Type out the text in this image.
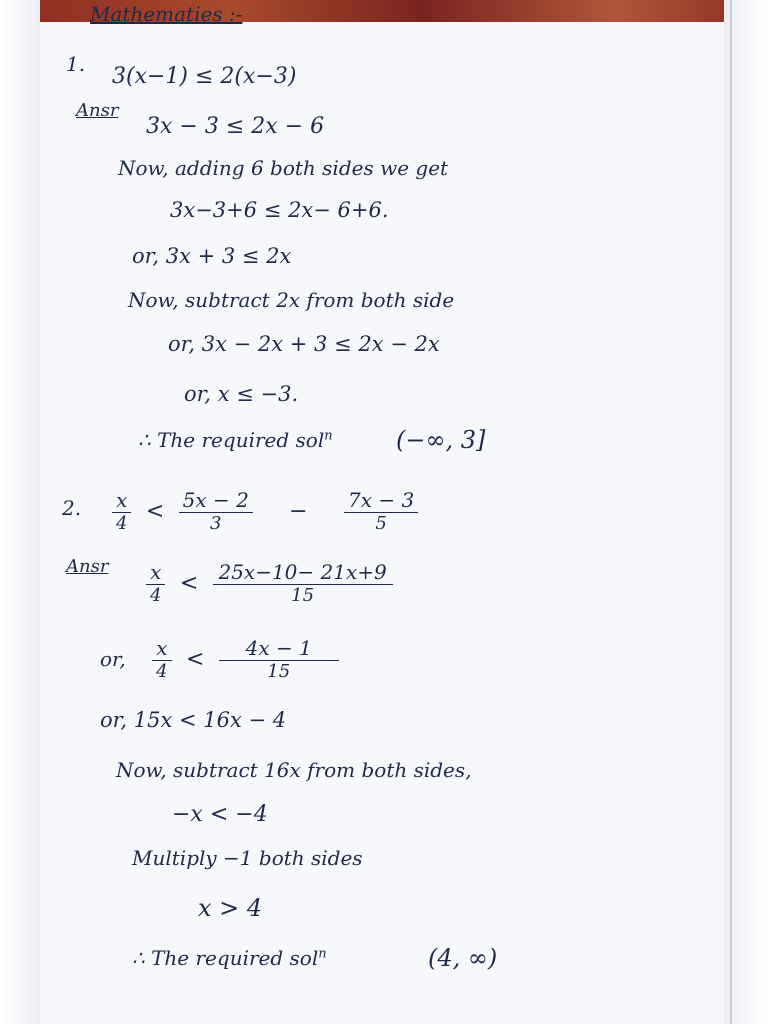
Mathematies :-
1. 3(x−1) ≤ 2(x−3)
Ansr
3x − 3 ≤ 2x − 6
Now, adding 6 both sides we get
3x−3+6 ≤ 2x− 6+6.
or, 3x + 3 ≤ 2x
Now, subtract 2x from both side
or, 3x − 2x + 3 ≤ 2x − 2x
or, x ≤ −3.
∴ The required sol$^n$	(−∞, 3]
2. $\frac{x}{4} < \frac{5x - 2}{3} - \frac{7x - 3}{5}$
Ansr $\frac{x}{4} < \frac{25x-10- 21x+9}{15}$
or, $\frac{x}{4} < \frac{4x - 1}{15}$
or, 15x < 16x − 4
Now, subtract 16x from both sides,
−x < −4
Multiply −1 both sides
x > 4
∴ The required sol$^n$	(4, ∞)
